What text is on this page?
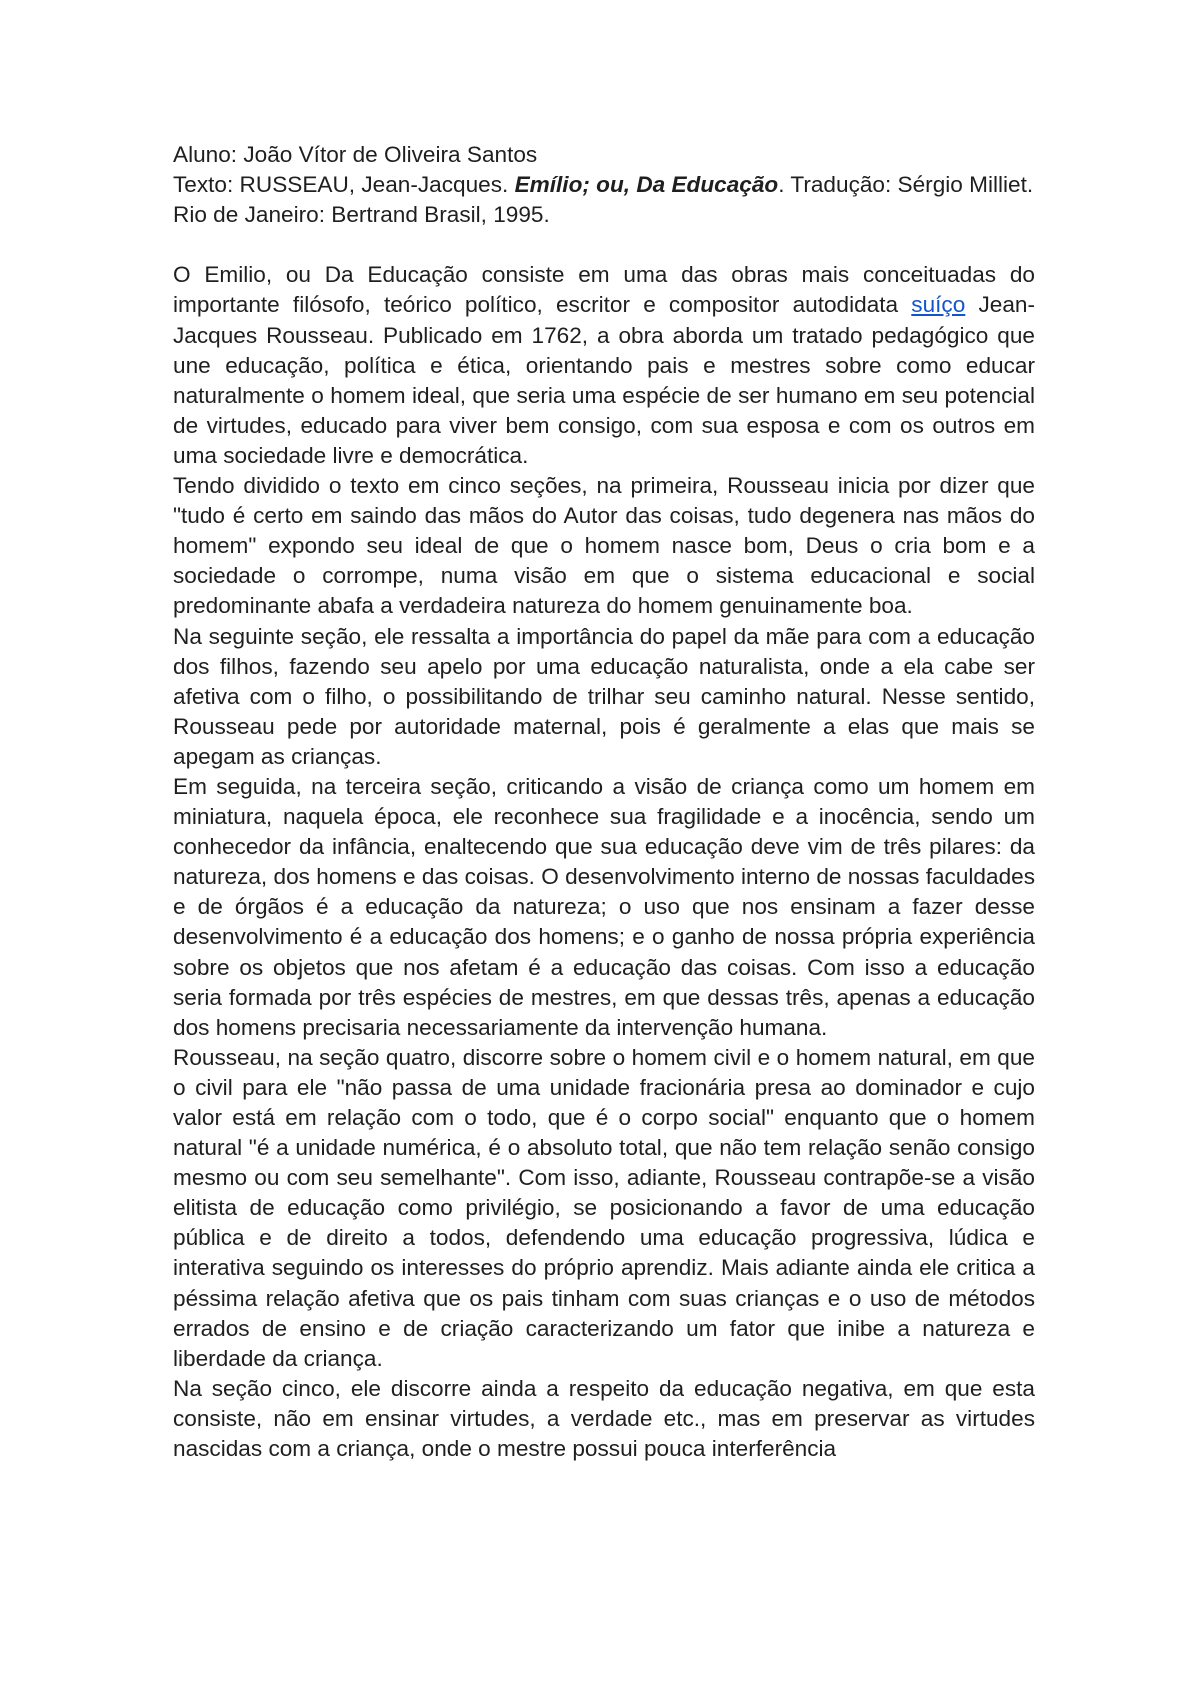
Aluno: João Vítor de Oliveira Santos

Texto: RUSSEAU, Jean-Jacques. Emílio; ou, Da Educação. Tradução: Sérgio Milliet. Rio de Janeiro: Bertrand Brasil, 1995.

O Emilio, ou Da Educação consiste em uma das obras mais conceituadas do importante filósofo, teórico político, escritor e compositor autodidata suíço Jean-Jacques Rousseau. Publicado em 1762, a obra aborda um tratado pedagógico que une educação, política e ética, orientando pais e mestres sobre como educar naturalmente o homem ideal, que seria uma espécie de ser humano em seu potencial de virtudes, educado para viver bem consigo, com sua esposa e com os outros em uma sociedade livre e democrática.

Tendo dividido o texto em cinco seções, na primeira, Rousseau inicia por dizer que "tudo é certo em saindo das mãos do Autor das coisas, tudo degenera nas mãos do homem" expondo seu ideal de que o homem nasce bom, Deus o cria bom e a sociedade o corrompe, numa visão em que o sistema educacional e social predominante abafa a verdadeira natureza do homem genuinamente boa.

Na seguinte seção, ele ressalta a importância do papel da mãe para com a educação dos filhos, fazendo seu apelo por uma educação naturalista, onde a ela cabe ser afetiva com o filho, o possibilitando de trilhar seu caminho natural. Nesse sentido, Rousseau pede por autoridade maternal, pois é geralmente a elas que mais se apegam as crianças.

Em seguida, na terceira seção, criticando a visão de criança como um homem em miniatura, naquela época, ele reconhece sua fragilidade e a inocência, sendo um conhecedor da infância, enaltecendo que sua educação deve vim de três pilares: da natureza, dos homens e das coisas. O desenvolvimento interno de nossas faculdades e de órgãos é a educação da natureza; o uso que nos ensinam a fazer desse desenvolvimento é a educação dos homens; e o ganho de nossa própria experiência sobre os objetos que nos afetam é a educação das coisas. Com isso a educação seria formada por três espécies de mestres, em que dessas três, apenas a educação dos homens precisaria necessariamente da intervenção humana.

Rousseau, na seção quatro, discorre sobre o homem civil e o homem natural, em que o civil para ele "não passa de uma unidade fracionária presa ao dominador e cujo valor está em relação com o todo, que é o corpo social" enquanto que o homem natural "é a unidade numérica, é o absoluto total, que não tem relação senão consigo mesmo ou com seu semelhante". Com isso, adiante, Rousseau contrapõe-se a visão elitista de educação como privilégio, se posicionando a favor de uma educação pública e de direito a todos, defendendo uma educação progressiva, lúdica e interativa seguindo os interesses do próprio aprendiz. Mais adiante ainda ele critica a péssima relação afetiva que os pais tinham com suas crianças e o uso de métodos errados de ensino e de criação caracterizando um fator que inibe a natureza e liberdade da criança.

Na seção cinco, ele discorre ainda a respeito da educação negativa, em que esta consiste, não em ensinar virtudes, a verdade etc., mas em preservar as virtudes nascidas com a criança, onde o mestre possui pouca interferência
